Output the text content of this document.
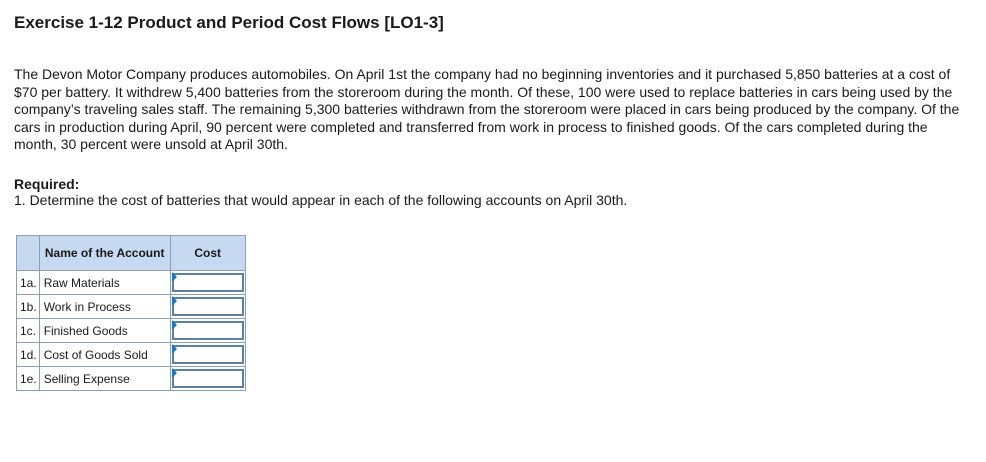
Exercise 1-12 Product and Period Cost Flows [LO1-3]

The Devon Motor Company produces automobiles. On April 1st the company had no beginning inventories and it purchased 5,850 batteries at a cost of $70 per battery. It withdrew 5,400 batteries from the storeroom during the month. Of these, 100 were used to replace batteries in cars being used by the company’s traveling sales staff. The remaining 5,300 batteries withdrawn from the storeroom were placed in cars being produced by the company. Of the cars in production during April, 90 percent were completed and transferred from work in process to finished goods. Of the cars completed during the month, 30 percent were unsold at April 30th.

Required:
1. Determine the cost of batteries that would appear in each of the following accounts on April 30th.
	Name of the Account	Cost
1a.	Raw Materials	

1b.	Work in Process	

1c.	Finished Goods	

1d.	Cost of Goods Sold	

1e.	Selling Expense	
